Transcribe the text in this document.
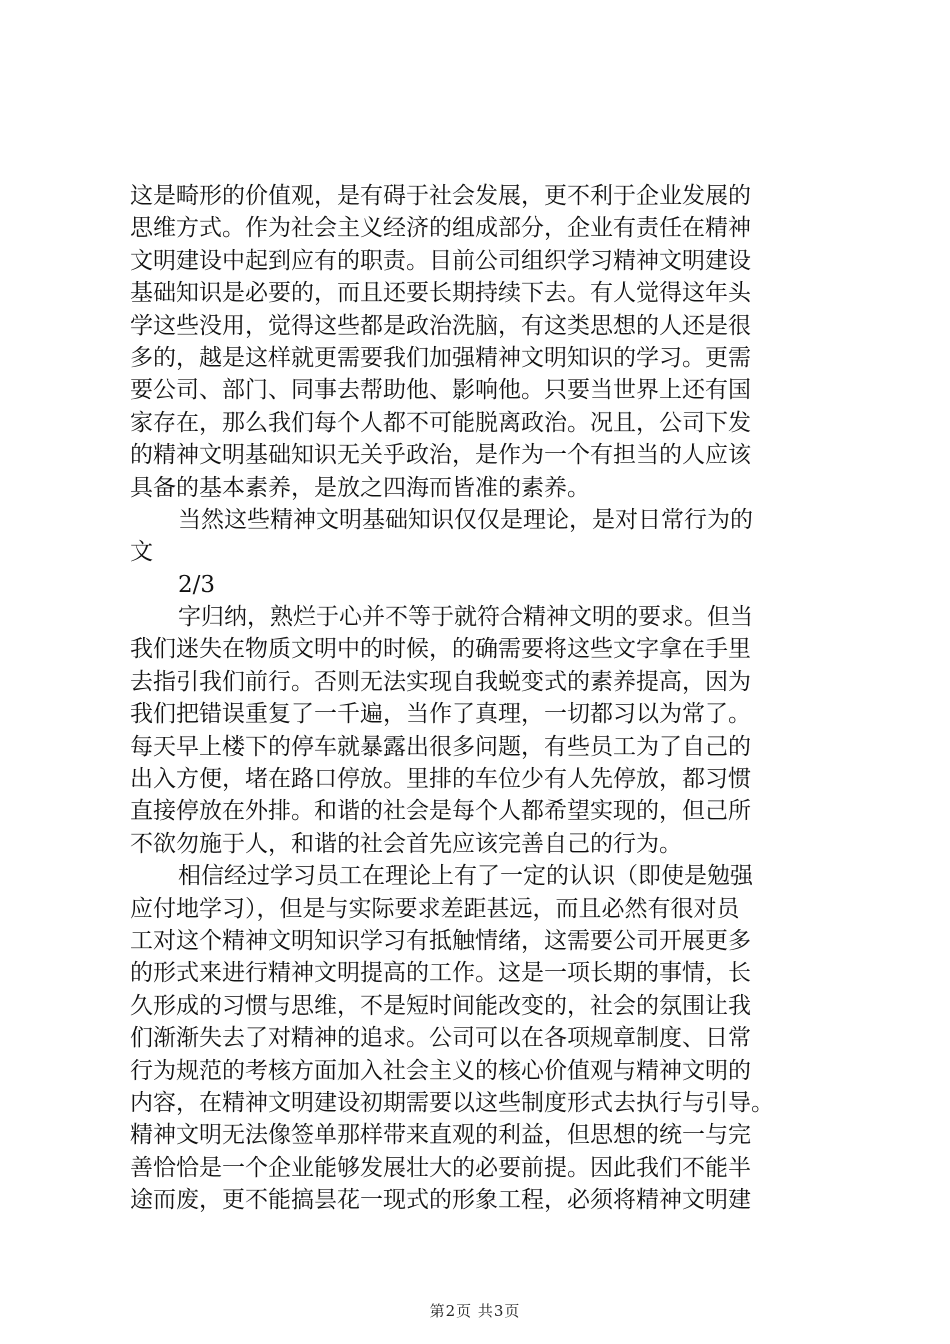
这是畸形的价值观，是有碍于社会发展，更不利于企业发展的
思维方式。作为社会主义经济的组成部分，企业有责任在精神
文明建设中起到应有的职责。目前公司组织学习精神文明建设
基础知识是必要的，而且还要长期持续下去。有人觉得这年头
学这些没用，觉得这些都是政治洗脑，有这类思想的人还是很
多的，越是这样就更需要我们加强精神文明知识的学习。更需
要公司、部门、同事去帮助他、影响他。只要当世界上还有国
家存在，那么我们每个人都不可能脱离政治。况且，公司下发
的精神文明基础知识无关乎政治，是作为一个有担当的人应该
具备的基本素养，是放之四海而皆准的素养。
当然这些精神文明基础知识仅仅是理论，是对日常行为的
文
2/3
字归纳，熟烂于心并不等于就符合精神文明的要求。但当
我们迷失在物质文明中的时候，的确需要将这些文字拿在手里
去指引我们前行。否则无法实现自我蜕变式的素养提高，因为
我们把错误重复了一千遍，当作了真理，一切都习以为常了。
每天早上楼下的停车就暴露出很多问题，有些员工为了自己的
出入方便，堵在路口停放。里排的车位少有人先停放，都习惯
直接停放在外排。和谐的社会是每个人都希望实现的，但己所
不欲勿施于人，和谐的社会首先应该完善自己的行为。
相信经过学习员工在理论上有了一定的认识（即使是勉强
应付地学习），但是与实际要求差距甚远，而且必然有很对员
工对这个精神文明知识学习有抵触情绪，这需要公司开展更多
的形式来进行精神文明提高的工作。这是一项长期的事情，长
久形成的习惯与思维，不是短时间能改变的，社会的氛围让我
们渐渐失去了对精神的追求。公司可以在各项规章制度、日常
行为规范的考核方面加入社会主义的核心价值观与精神文明的
内容，在精神文明建设初期需要以这些制度形式去执行与引导。
精神文明无法像签单那样带来直观的利益，但思想的统一与完
善恰恰是一个企业能够发展壮大的必要前提。因此我们不能半
途而废，更不能搞昙花一现式的形象工程，必须将精神文明建
第2页 共3页
